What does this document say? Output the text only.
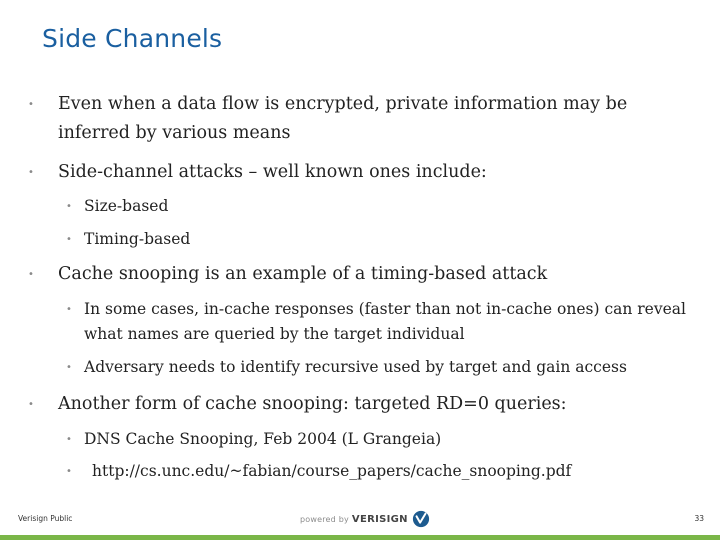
Side Channels
• Even when a data flow is encrypted, private information may be inferred by various means
• Side-channel attacks – well known ones include:
• Size-based
• Timing-based
• Cache snooping is an example of a timing-based attack
• In some cases, in-cache responses (faster than not in-cache ones) can reveal what names are queried by the target individual
• Adversary needs to identify recursive used by target and gain access
• Another form of cache snooping: targeted RD=0 queries:
• DNS Cache Snooping, Feb 2004 (L Grangeia)
• http://cs.unc.edu/~fabian/course_papers/cache_snooping.pdf
Verisign Public	powered by VERISIGN	33
